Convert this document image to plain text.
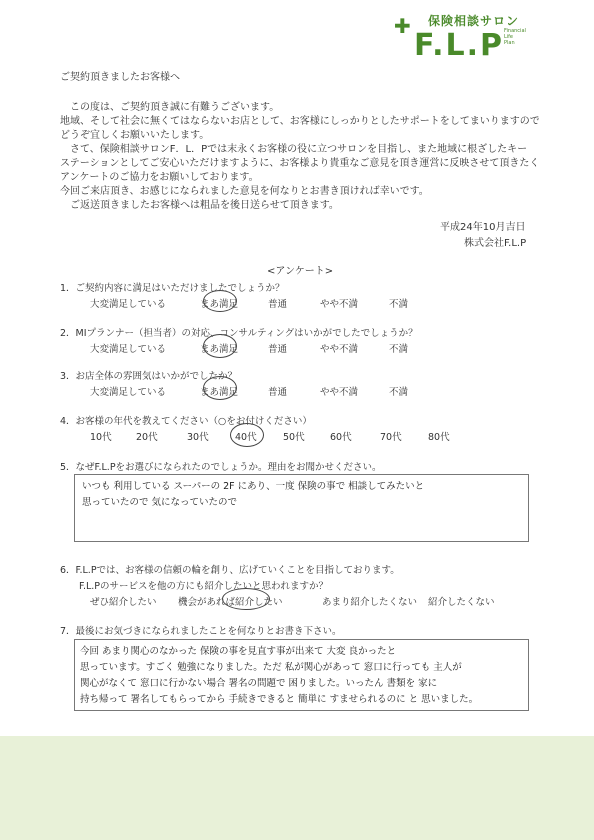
✚ 保険相談サロン
F.L.P Financial
Life
Plan
ご契約頂きましたお客様へ
この度は、ご契約頂き誠に有難うございます。
地域、そして社会に無くてはならないお店として、お客様にしっかりとしたサポートをしてまいりますので
どうぞ宜しくお願いいたします。
さて、保険相談サロンF．L．Pでは末永くお客様の役に立つサロンを目指し、また地域に根ざしたキー
ステーションとしてご安心いただけますように、お客様より貴重なご意見を頂き運営に反映させて頂きたく
アンケートのご協力をお願いしております。
今回ご来店頂き、お感じになられました意見を何なりとお書き頂ければ幸いです。
ご返送頂きましたお客様へは粗品を後日送らせて頂きます。
平成24年10月吉日
株式会社F.L.P
<アンケート>
1．ご契約内容に満足はいただけましたでしょうか？
大変満足している	まあ満足	普通	やや不満	不満
2．MIプランナー（担当者）の対応、コンサルティングはいかがでしたでしょうか？
大変満足している	まあ満足	普通	やや不満	不満
3．お店全体の雰囲気はいかがでしたか？
大変満足している	まあ満足	普通	やや不満	不満
4．お客様の年代を教えてください（○をお付けください）
10代	20代	30代	40代	50代	60代	70代	80代
5．なぜF.L.Pをお選びになられたのでしょうか。理由をお聞かせください。
いつも 利用している スーパーの 2F にあり、一度 保険の事で 相談してみたいと
思っていたので 気になっていたので
6．F.L.Pでは、お客様の信頼の輪を創り、広げていくことを目指しております。
F.L.Pのサービスを他の方にも紹介したいと思われますか？
ぜひ紹介したい 機会があれば紹介したい	あまり紹介したくない 紹介したくない
7．最後にお気づきになられましたことを何なりとお書き下さい。
今回 あまり関心のなかった 保険の事を見直す事が出来て 大変 良かったと
思っています。すごく 勉強になりました。ただ 私が関心があって 窓口に行っても 主人が
関心がなくて 窓口に行かない場合 署名の問題で 困りました。いったん 書類を 家に
持ち帰って 署名してもらってから 手続きできると 簡単に すませられるのに と 思いました。
